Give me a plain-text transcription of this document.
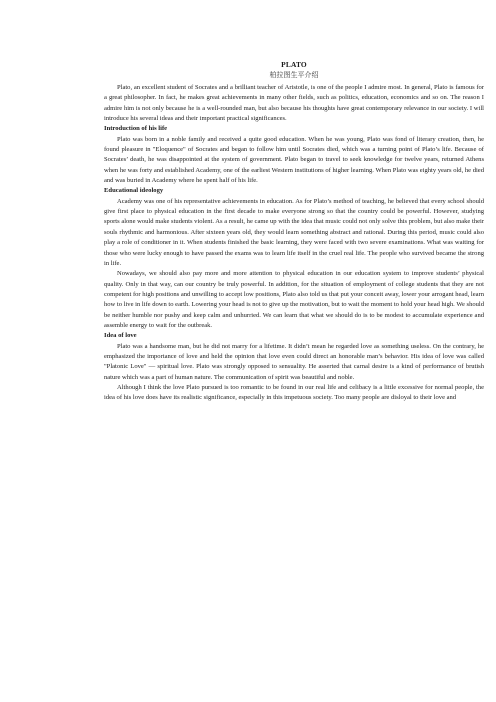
PLATO
柏拉图生平介绍

Plato, an excellent student of Socrates and a brilliant teacher of Aristotle, is one of the people I admire most. In general, Plato is famous for a great philosopher. In fact, he makes great achievements in many other fields, such as politics, education, economics and so on. The reason I admire him is not only because he is a well-rounded man, but also because his thoughts have great contemporary relevance in our society. I will introduce his several ideas and their important practical significances.

Introduction of his life

Plato was born in a noble family and received a quite good education. When he was young, Plato was fond of literary creation, then, he found pleasure in "Eloquence" of Socrates and began to follow him until Socrates died, which was a turning point of Plato’s life. Because of Socrates’ death, he was disappointed at the system of government. Plato began to travel to seek knowledge for twelve years, returned Athens when he was forty and established Academy, one of the earliest Western institutions of higher learning. When Plato was eighty years old, he died and was buried in Academy where he spent half of his life.

Educational ideology

Academy was one of his representative achievements in education. As for Plato’s method of teaching, he believed that every school should give first place to physical education in the first decade to make everyone strong so that the country could be powerful. However, studying sports alone would make students violent. As a result, he came up with the idea that music could not only solve this problem, but also make their souls rhythmic and harmonious. After sixteen years old, they would learn something abstract and rational. During this period, music could also play a role of conditioner in it. When students finished the basic learning, they were faced with two severe examinations. What was waiting for those who were lucky enough to have passed the exams was to learn life itself in the cruel real life. The people who survived became the strong in life.

Nowadays, we should also pay more and more attention to physical education in our education system to improve students’ physical quality. Only in that way, can our country be truly powerful. In addition, for the situation of employment of college students that they are not competent for high positions and unwilling to accept low positions, Plato also told us that put your conceit away, lower your arrogant head, learn how to live in life down to earth. Lowering your head is not to give up the motivation, but to wait the moment to hold your head high. We should be neither humble nor pushy and keep calm and unhurried. We can learn that what we should do is to be modest to accumulate experience and assemble energy to wait for the outbreak.

Idea of love

Plato was a handsome man, but he did not marry for a lifetime. It didn’t mean he regarded love as something useless. On the contrary, he emphasized the importance of love and held the opinion that love even could direct an honorable man’s behavior. His idea of love was called "Platonic Love" — spiritual love. Plato was strongly opposed to sensuality. He asserted that carnal desire is a kind of performance of brutish nature which was a part of human nature. The communication of spirit was beautiful and noble.

Although I think the love Plato pursued is too romantic to be found in our real life and celibacy is a little excessive for normal people, the idea of his love does have its realistic significance, especially in this impetuous society. Too many people are disloyal to their love and
